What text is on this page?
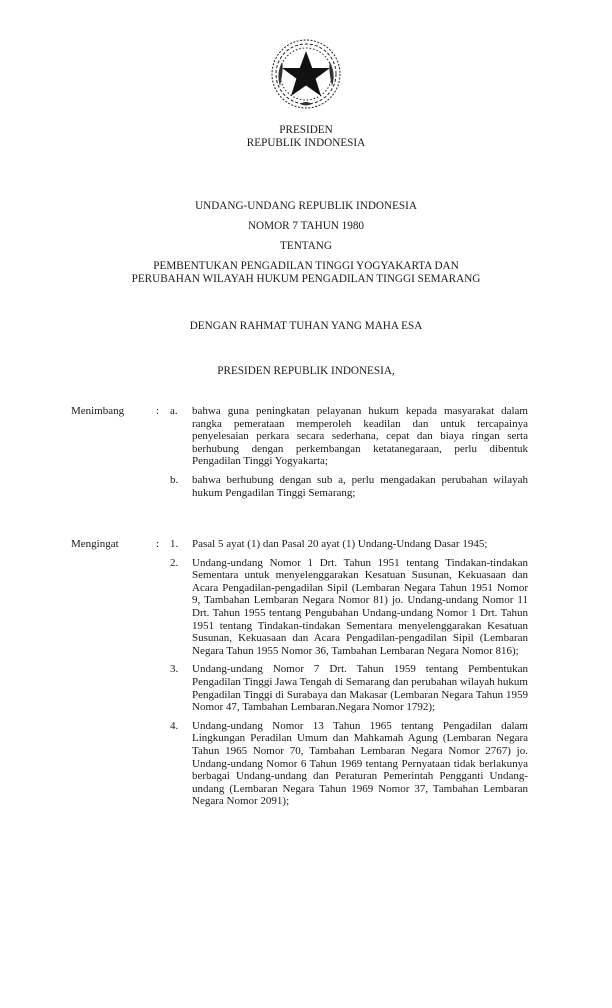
PRESIDEN
REPUBLIK INDONESIA
UNDANG-UNDANG REPUBLIK INDONESIA
NOMOR 7 TAHUN 1980
TENTANG
PEMBENTUKAN PENGADILAN TINGGI YOGYAKARTA DAN
PERUBAHAN WILAYAH HUKUM PENGADILAN TINGGI SEMARANG
DENGAN RAHMAT TUHAN YANG MAHA ESA
PRESIDEN REPUBLIK INDONESIA,
Menimbang	: a. bahwa guna peningkatan pelayanan hukum kepada masyarakat dalam rangka pemerataan memperoleh keadilan dan untuk tercapainya penyelesaian perkara secara sederhana, cepat dan biaya ringan serta berhubung dengan perkembangan ketatanegaraan, perlu dibentuk Pengadilan Tinggi Yogyakarta;
b. bahwa berhubung dengan sub a, perlu mengadakan perubahan wilayah hukum Pengadilan Tinggi Semarang;
Mengingat	: 1. Pasal 5 ayat (1) dan Pasal 20 ayat (1) Undang-Undang Dasar 1945;
2. Undang-undang Nomor 1 Drt. Tahun 1951 tentang Tindakan-tindakan Sementara untuk menyelenggarakan Kesatuan Susunan, Kekuasaan dan Acara Pengadilan-pengadilan Sipil (Lembaran Negara Tahun 1951 Nomor 9, Tambahan Lembaran Negara Nomor 81) jo. Undang-undang Nomor 11 Drt. Tahun 1955 tentang Pengubahan Undang-undang Nomor 1 Drt. Tahun 1951 tentang Tindakan-tindakan Sementara menyelenggarakan Kesatuan Susunan, Kekuasaan dan Acara Pengadilan-pengadilan Sipil (Lembaran Negara Tahun 1955 Nomor 36, Tambahan Lembaran Negara Nomor 816);
3. Undang-undang Nomor 7 Drt. Tahun 1959 tentang Pembentukan Pengadilan Tinggi Jawa Tengah di Semarang dan perubahan wilayah hukum Pengadilan Tinggi di Surabaya dan Makasar (Lembaran Negara Tahun 1959 Nomor 47, Tambahan Lembaran.Negara Nomor 1792);
4. Undang-undang Nomor 13 Tahun 1965 tentang Pengadilan dalam Lingkungan Peradilan Umum dan Mahkamah Agung (Lembaran Negara Tahun 1965 Nomor 70, Tambahan Lembaran Negara Nomor 2767) jo. Undang-undang Nomor 6 Tahun 1969 tentang Pernyataan tidak berlakunya berbagai Undang-undang dan Peraturan Pemerintah Pengganti Undang-undang (Lembaran Negara Tahun 1969 Nomor 37, Tambahan Lembaran Negara Nomor 2091);
